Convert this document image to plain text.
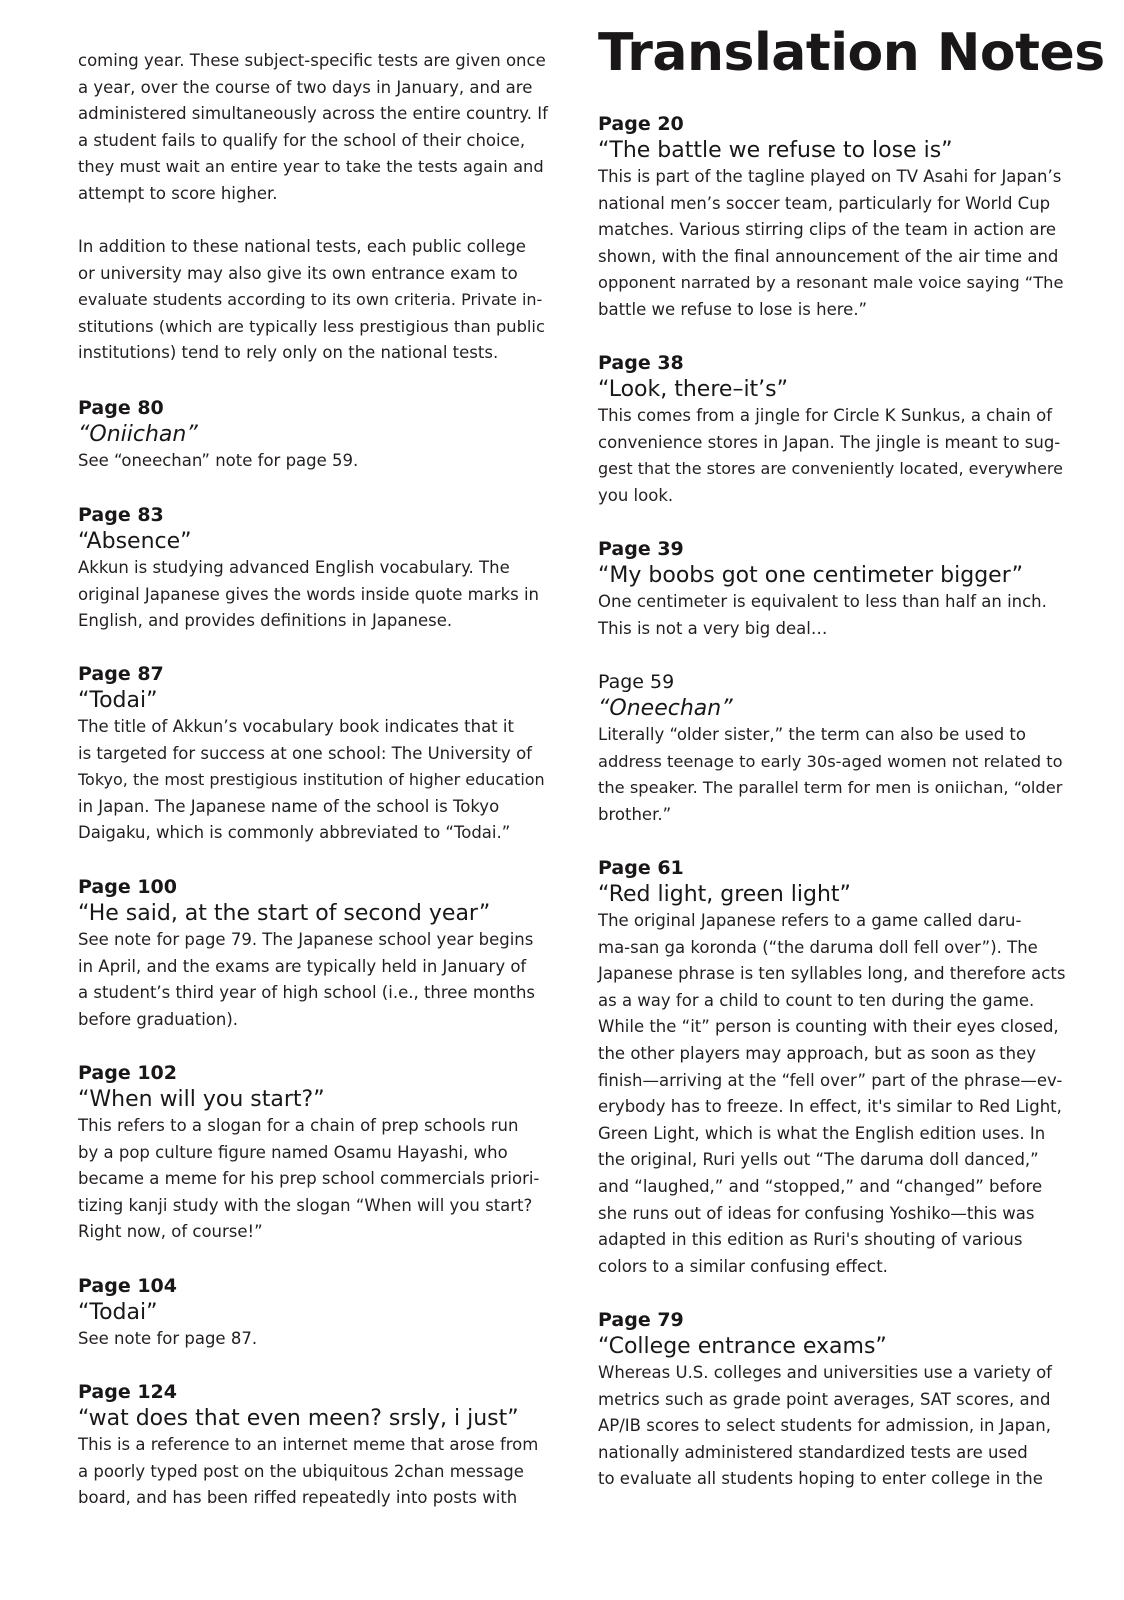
coming year. These subject-specific tests are given once
a year, over the course of two days in January, and are
administered simultaneously across the entire country. If
a student fails to qualify for the school of their choice,
they must wait an entire year to take the tests again and
attempt to score higher.
In addition to these national tests, each public college
or university may also give its own entrance exam to
evaluate students according to its own criteria. Private in-
stitutions (which are typically less prestigious than public
institutions) tend to rely only on the national tests.
Page 80
“Oniichan”
See “oneechan” note for page 59.
Page 83
“Absence”
Akkun is studying advanced English vocabulary. The
original Japanese gives the words inside quote marks in
English, and provides definitions in Japanese.
Page 87
“Todai”
The title of Akkun’s vocabulary book indicates that it
is targeted for success at one school: The University of
Tokyo, the most prestigious institution of higher education
in Japan. The Japanese name of the school is Tokyo
Daigaku, which is commonly abbreviated to “Todai.”
Page 100
“He said, at the start of second year”
See note for page 79. The Japanese school year begins
in April, and the exams are typically held in January of
a student’s third year of high school (i.e., three months
before graduation).
Page 102
“When will you start?”
This refers to a slogan for a chain of prep schools run
by a pop culture figure named Osamu Hayashi, who
became a meme for his prep school commercials priori-
tizing kanji study with the slogan “When will you start?
Right now, of course!”
Page 104
“Todai”
See note for page 87.
Page 124
“wat does that even meen? srsly, i just”
This is a reference to an internet meme that arose from
a poorly typed post on the ubiquitous 2chan message
board, and has been riffed repeatedly into posts with
Translation Notes
Page 20
“The battle we refuse to lose is”
This is part of the tagline played on TV Asahi for Japan’s
national men’s soccer team, particularly for World Cup
matches. Various stirring clips of the team in action are
shown, with the final announcement of the air time and
opponent narrated by a resonant male voice saying “The
battle we refuse to lose is here.”
Page 38
“Look, there–it’s”
This comes from a jingle for Circle K Sunkus, a chain of
convenience stores in Japan. The jingle is meant to sug-
gest that the stores are conveniently located, everywhere
you look.
Page 39
“My boobs got one centimeter bigger”
One centimeter is equivalent to less than half an inch.
This is not a very big deal…
Page 59
“Oneechan”
Literally “older sister,” the term can also be used to
address teenage to early 30s-aged women not related to
the speaker. The parallel term for men is oniichan, “older
brother.”
Page 61
“Red light, green light”
The original Japanese refers to a game called daru-
ma-san ga koronda (“the daruma doll fell over”). The
Japanese phrase is ten syllables long, and therefore acts
as a way for a child to count to ten during the game.
While the “it” person is counting with their eyes closed,
the other players may approach, but as soon as they
finish—arriving at the “fell over” part of the phrase—ev-
erybody has to freeze. In effect, it's similar to Red Light,
Green Light, which is what the English edition uses. In
the original, Ruri yells out “The daruma doll danced,”
and “laughed,” and “stopped,” and “changed” before
she runs out of ideas for confusing Yoshiko—this was
adapted in this edition as Ruri's shouting of various
colors to a similar confusing effect.
Page 79
“College entrance exams”
Whereas U.S. colleges and universities use a variety of
metrics such as grade point averages, SAT scores, and
AP/IB scores to select students for admission, in Japan,
nationally administered standardized tests are used
to evaluate all students hoping to enter college in the
